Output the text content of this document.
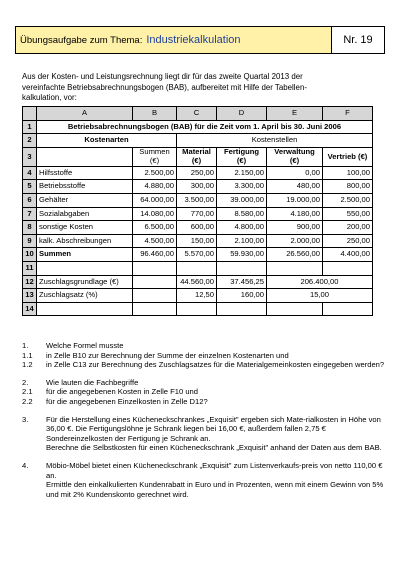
Übungsaufgabe zum Thema: Industriekalkulation	Nr. 19
Aus der Kosten- und Leistungsrechnung liegt dir für das zweite Quartal 2013 der
vereinfachte Betriebsabrechnungsbogen (BAB), aufbereitet mit Hilfe der Tabellen-
kalkulation, vor:
	A	B	C	D	E	F
1	Betriebsabrechnungsbogen (BAB) für die Zeit vom 1. April bis 30. Juni 2006					
2	Kostenarten		Kostenstellen			
3		Summen (€)	Material (€)	Fertigung (€)	Verwaltung (€)	Vertrieb (€)
4	Hilfsstoffe	2.500,00	250,00	2.150,00	0,00	100,00
5	Betriebsstoffe	4.880,00	300,00	3.300,00	480,00	800,00
6	Gehälter	64.000,00	3.500,00	39.000,00	19.000,00	2.500,00
7	Sozialabgaben	14.080,00	770,00	8.580,00	4.180,00	550,00
8	sonstige Kosten	6.500,00	600,00	4.800,00	900,00	200,00
9	kalk. Abschreibungen	4.500,00	150,00	2.100,00	2.000,00	250,00
10	Summen	96.460,00	5.570,00	59.930,00	26.560,00	4.400,00
11						
12	Zuschlagsgrundlage (€)		44.560,00	37.456,25	206.400,00	
13	Zuschlagsatz (%)		12,50	160,00	15,00	
14						
1.	Welche Formel musste
1.1	in Zelle B10 zur Berechnung der Summe der einzelnen Kostenarten und
1.2	in Zelle C13 zur Berechnung des Zuschlagsatzes für die Materialgemeinkosten eingegeben werden?
2.	Wie lauten die Fachbegriffe
2.1	für die angegebenen Kosten in Zelle F10 und
2.2	für die angegebenen Einzelkosten in Zelle D12?
3.	Für die Herstellung eines Kücheneckschrankes „Exquisit" ergeben sich Mate-rialkosten in Höhe von 36,00 €. Die Fertigungslöhne je Schrank liegen bei 16,00 €, außerdem fallen 2,75 € Sondereinzelkosten der Fertigung je Schrank an.
Berechne die Selbstkosten für einen Kücheneckschrank „Exquisit" anhand der Daten aus dem BAB.
4.	Möbio-Möbel bietet einen Kücheneckschrank „Exquisit" zum Listenverkaufs-preis von netto 110,00 € an.
Ermittle den einkalkulierten Kundenrabatt in Euro und in Prozenten, wenn mit einem Gewinn von 5% und mit 2% Kundenskonto gerechnet wird.
